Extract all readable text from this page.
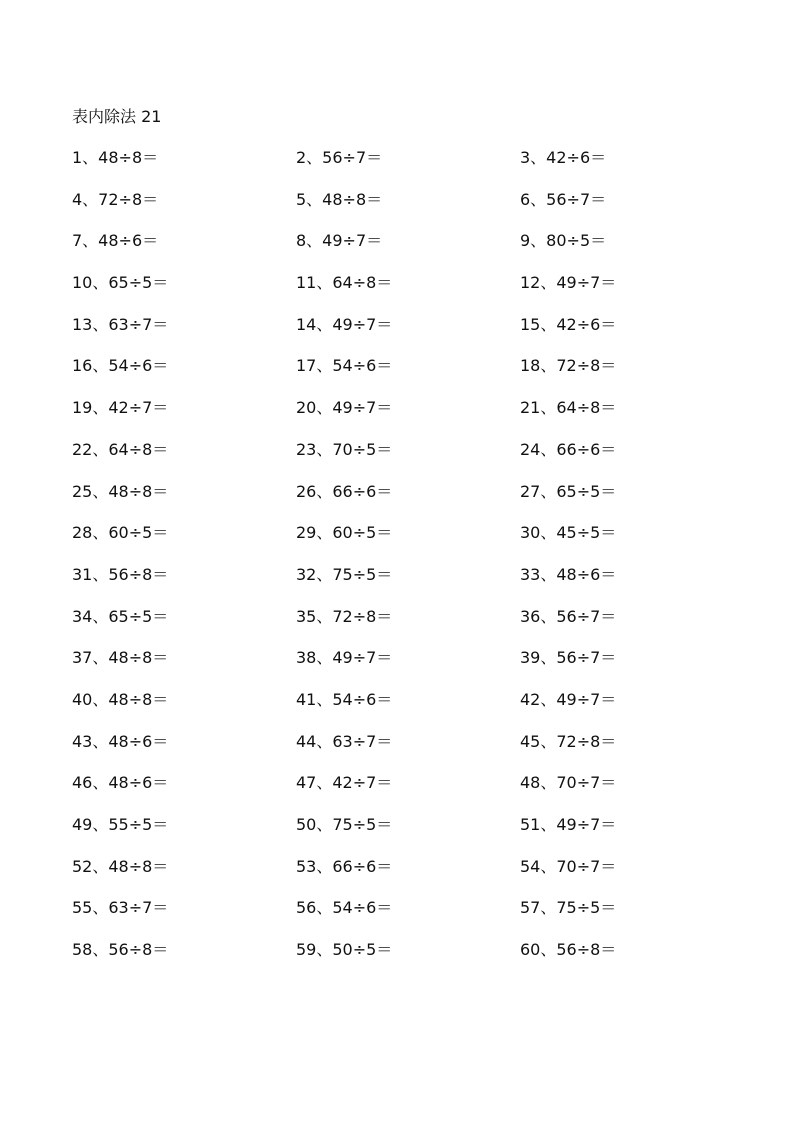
表内除法 21
1、48÷8＝	2、56÷7＝	3、42÷6＝
4、72÷8＝	5、48÷8＝	6、56÷7＝
7、48÷6＝	8、49÷7＝	9、80÷5＝
10、65÷5＝	11、64÷8＝	12、49÷7＝
13、63÷7＝	14、49÷7＝	15、42÷6＝
16、54÷6＝	17、54÷6＝	18、72÷8＝
19、42÷7＝	20、49÷7＝	21、64÷8＝
22、64÷8＝	23、70÷5＝	24、66÷6＝
25、48÷8＝	26、66÷6＝	27、65÷5＝
28、60÷5＝	29、60÷5＝	30、45÷5＝
31、56÷8＝	32、75÷5＝	33、48÷6＝
34、65÷5＝	35、72÷8＝	36、56÷7＝
37、48÷8＝	38、49÷7＝	39、56÷7＝
40、48÷8＝	41、54÷6＝	42、49÷7＝
43、48÷6＝	44、63÷7＝	45、72÷8＝
46、48÷6＝	47、42÷7＝	48、70÷7＝
49、55÷5＝	50、75÷5＝	51、49÷7＝
52、48÷8＝	53、66÷6＝	54、70÷7＝
55、63÷7＝	56、54÷6＝	57、75÷5＝
58、56÷8＝	59、50÷5＝	60、56÷8＝
